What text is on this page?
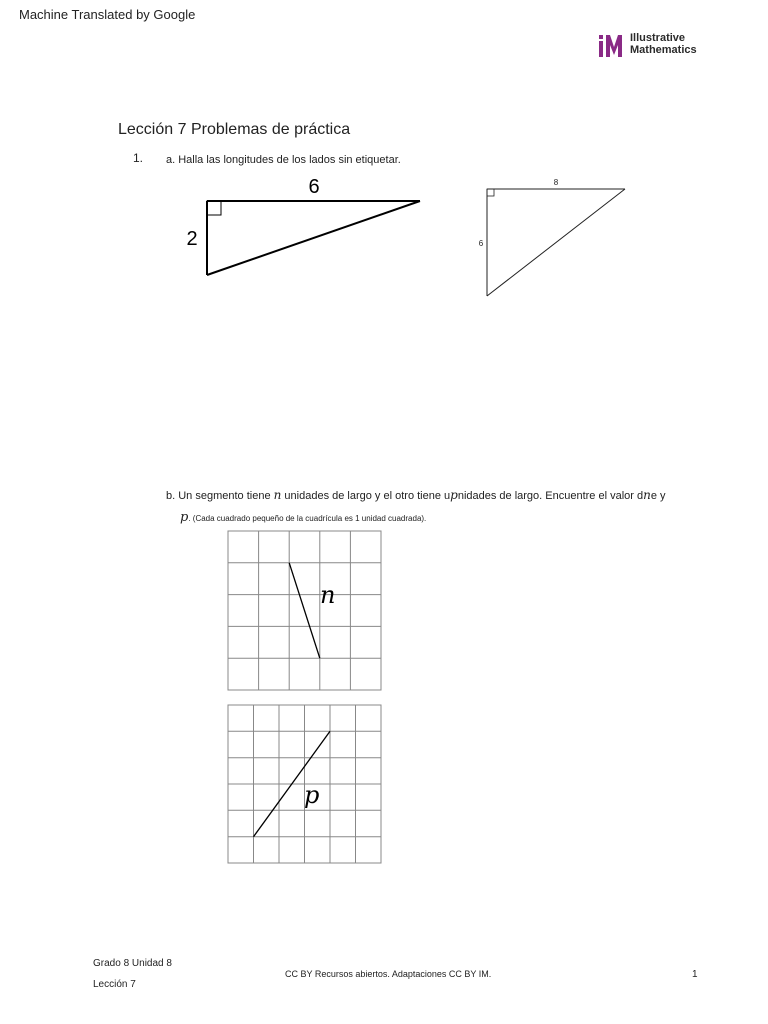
Machine Translated by Google
Illustrative
Mathematics
Lección 7 Problemas de práctica
1. a. Halla las longitudes de los lados sin etiquetar.
6
2
8
6
b. Un segmento tiene n unidades de largo y el otro tiene upnidades de largo. Encuentre el valor dne y
p. (Cada cuadrado pequeño de la cuadrícula es 1 unidad cuadrada).
n
p
Grado 8 Unidad 8
Lección 7
CC BY Recursos abiertos. Adaptaciones CC BY IM.	1
